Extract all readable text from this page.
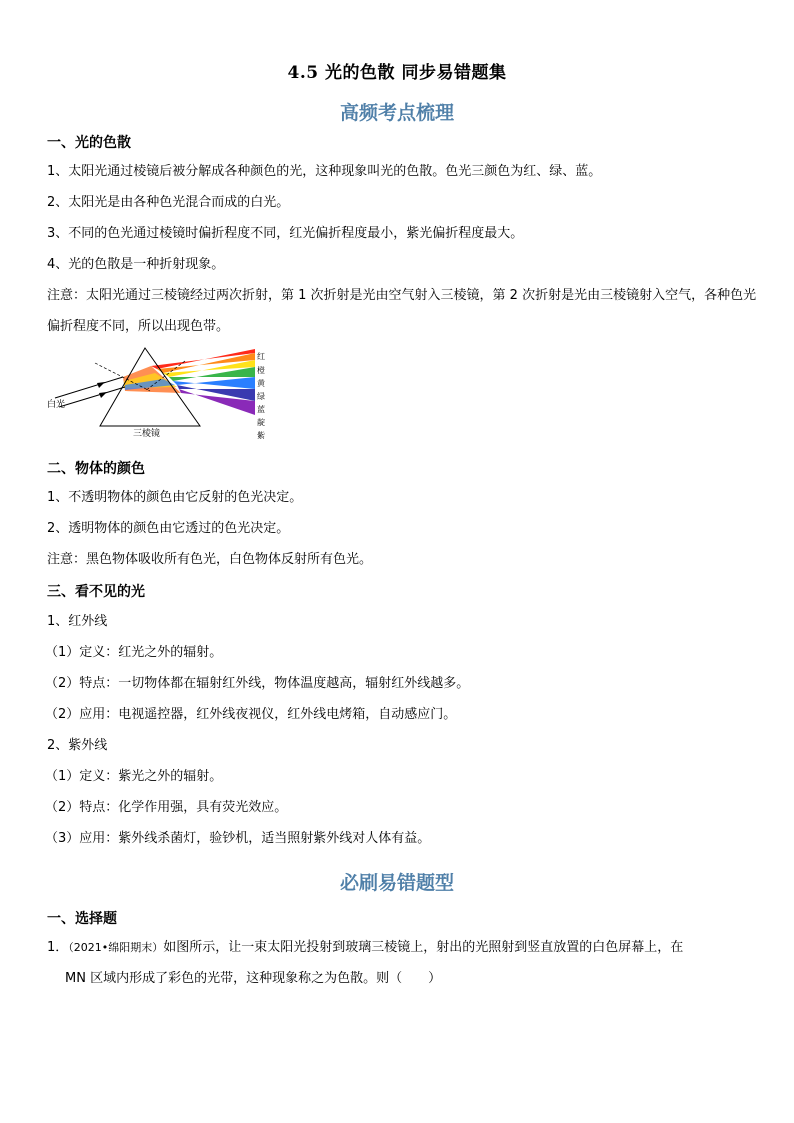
4.5 光的色散 同步易错题集
高频考点梳理
一、光的色散
1、太阳光通过棱镜后被分解成各种颜色的光，这种现象叫光的色散。色光三颜色为红、绿、蓝。
2、太阳光是由各种色光混合而成的白光。
3、不同的色光通过棱镜时偏折程度不同，红光偏折程度最小，紫光偏折程度最大。
4、光的色散是一种折射现象。
注意：太阳光通过三棱镜经过两次折射，第 1 次折射是光由空气射入三棱镜，第 2 次折射是光由三棱镜射入空气，各种色光偏折程度不同，所以出现色带。
白光
三棱镜
红
橙
黄
绿
蓝
靛
紫
二、物体的颜色
1、不透明物体的颜色由它反射的色光决定。
2、透明物体的颜色由它透过的色光决定。
注意：黑色物体吸收所有色光，白色物体反射所有色光。
三、看不见的光
1、红外线
（1）定义：红光之外的辐射。
（2）特点：一切物体都在辐射红外线，物体温度越高，辐射红外线越多。
（2）应用：电视遥控器，红外线夜视仪，红外线电烤箱，自动感应门。
2、紫外线
（1）定义：紫光之外的辐射。
（2）特点：化学作用强，具有荧光效应。
（3）应用：紫外线杀菌灯，验钞机，适当照射紫外线对人体有益。
必刷易错题型
一、选择题
1．（2021•绵阳期末）如图所示，让一束太阳光投射到玻璃三棱镜上，射出的光照射到竖直放置的白色屏幕上，在
MN 区域内形成了彩色的光带，这种现象称之为色散。则（　　）
